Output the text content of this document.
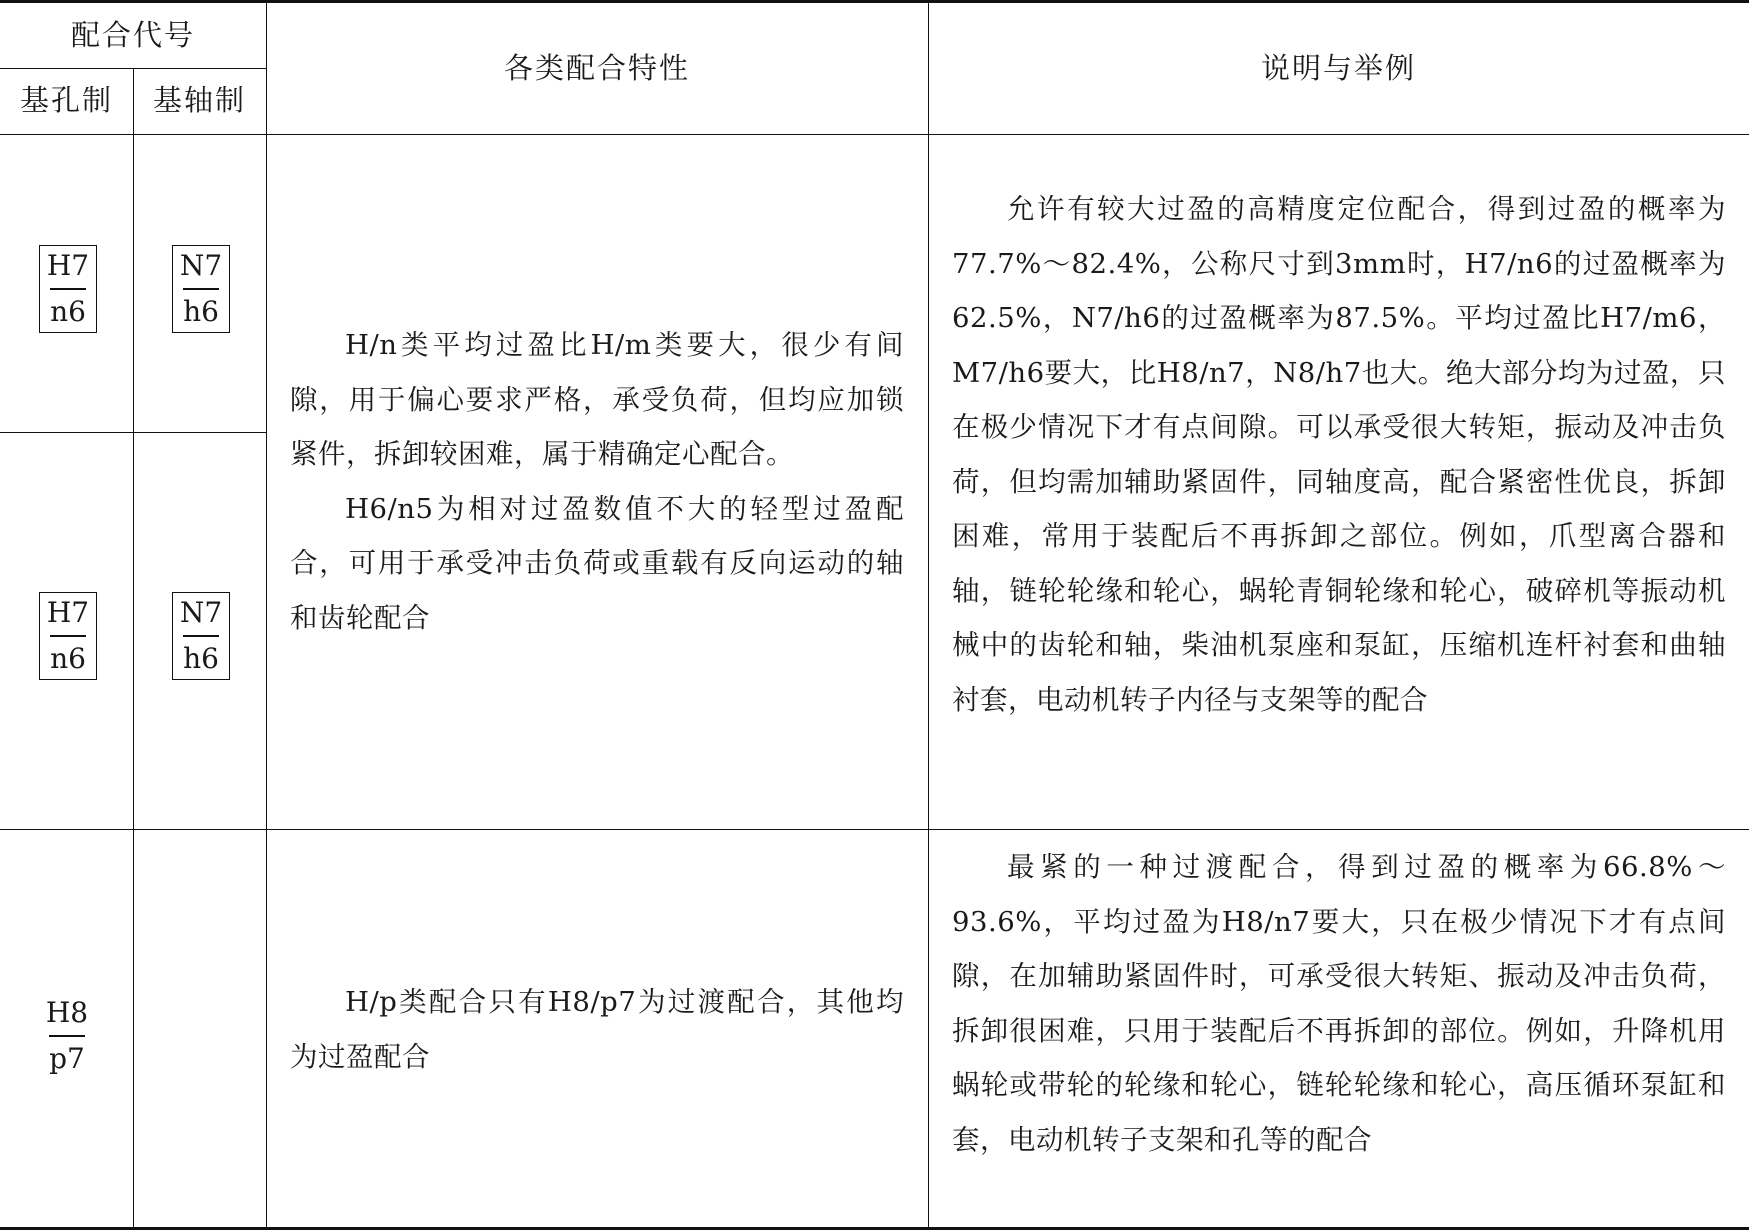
配合代号
基孔制	基轴制
各类配合特性	说明与举例
H7
n6
N7
h6
H7
n6
N7
h6
H8
p7

H/n类平均过盈比H/m类要大，很少有间隙，用于偏心要求严格，承受负荷，但均应加锁紧件，拆卸较困难，属于精确定心配合。

H6/n5为相对过盈数值不大的轻型过盈配合，可用于承受冲击负荷或重载有反向运动的轴和齿轮配合

允许有较大过盈的高精度定位配合，得到过盈的概率为77.7%～82.4%，公称尺寸到3mm时，H7/n6的过盈概率为62.5%，N7/h6的过盈概率为87.5%。平均过盈比H7/m6，M7/h6要大，比H8/n7，N8/h7也大。绝大部分均为过盈，只在极少情况下才有点间隙。可以承受很大转矩，振动及冲击负荷，但均需加辅助紧固件，同轴度高，配合紧密性优良，拆卸困难，常用于装配后不再拆卸之部位。例如，爪型离合器和轴，链轮轮缘和轮心，蜗轮青铜轮缘和轮心，破碎机等振动机械中的齿轮和轴，柴油机泵座和泵缸，压缩机连杆衬套和曲轴衬套，电动机转子内径与支架等的配合

H/p类配合只有H8/p7为过渡配合，其他均为过盈配合

最紧的一种过渡配合，得到过盈的概率为66.8%～93.6%，平均过盈为H8/n7要大，只在极少情况下才有点间隙，在加辅助紧固件时，可承受很大转矩、振动及冲击负荷，拆卸很困难，只用于装配后不再拆卸的部位。例如，升降机用蜗轮或带轮的轮缘和轮心，链轮轮缘和轮心，高压循环泵缸和套，电动机转子支架和孔等的配合
